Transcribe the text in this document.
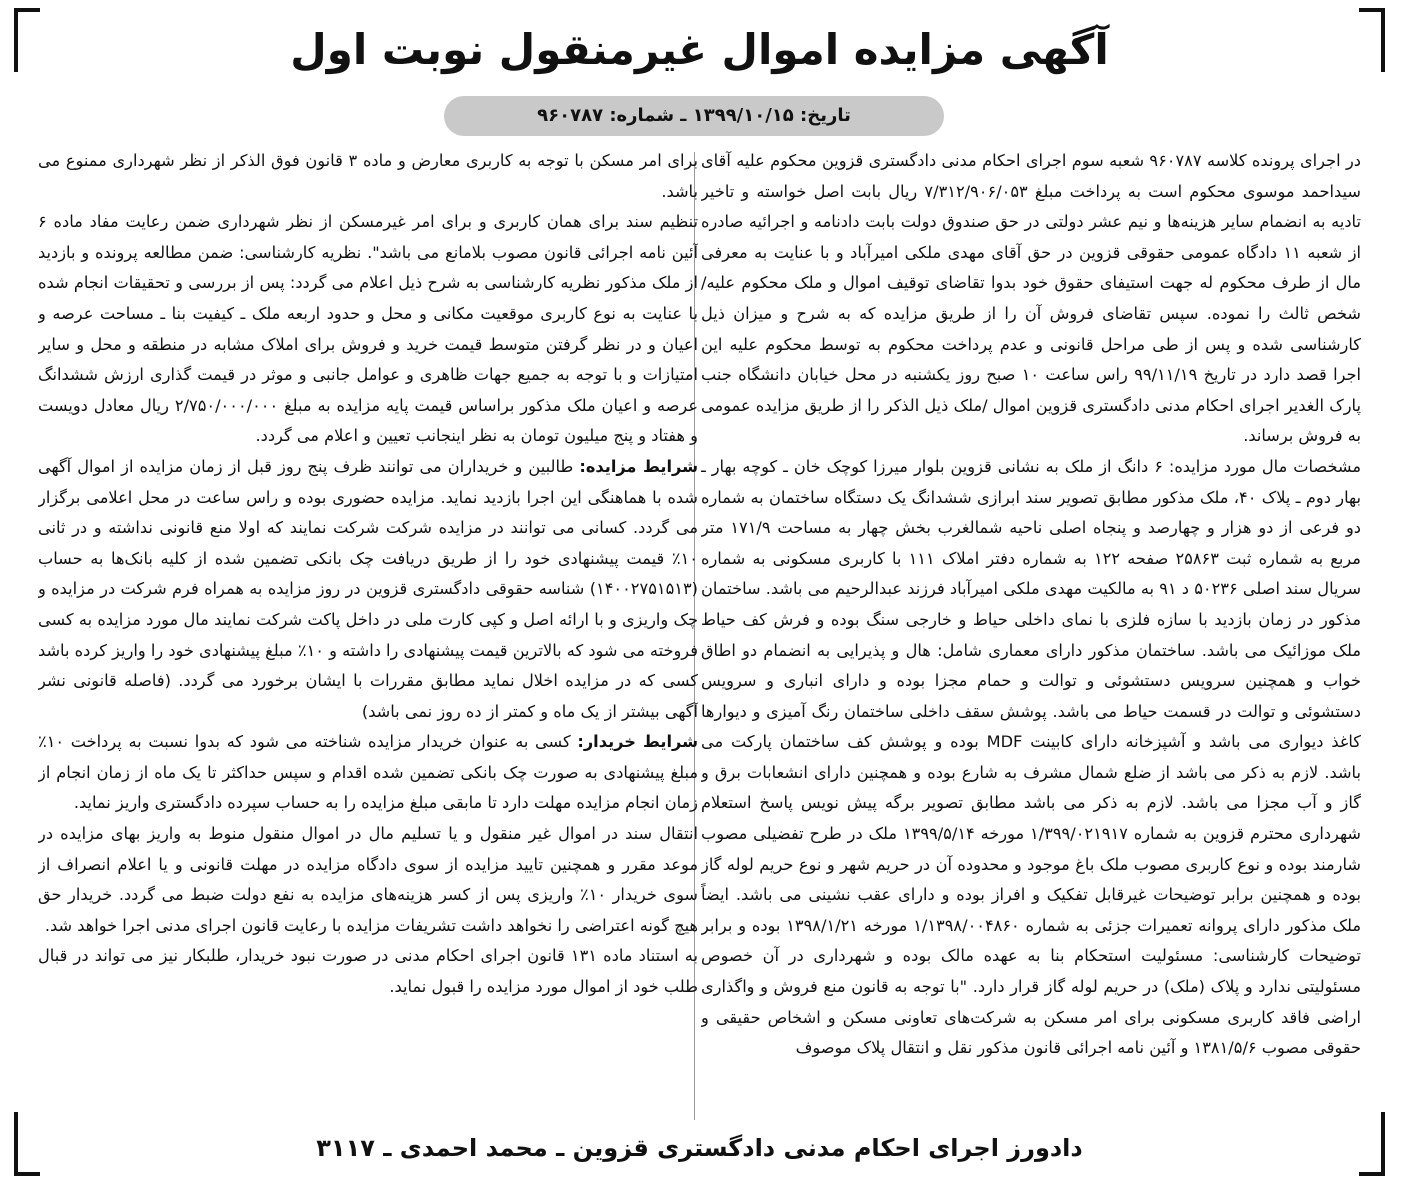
آگهی مزایده اموال غیرمنقول نوبت اول
تاریخ: ۱۳۹۹/۱۰/۱۵ ـ شماره: ۹۶۰۷۸۷

در اجرای پرونده کلاسه ۹۶۰۷۸۷ شعبه سوم اجرای احکام مدنی دادگستری قزوین محکوم علیه آقای سیداحمد موسوی محکوم است به پرداخت مبلغ ۷/۳۱۲/۹۰۶/۰۵۳ ریال بابت اصل خواسته و تاخیر تادیه به انضمام سایر هزینه‌ها و نیم عشر دولتی در حق صندوق دولت بابت دادنامه و اجرائیه صادره از شعبه ۱۱ دادگاه عمومی حقوقی قزوین در حق آقای مهدی ملکی امیرآباد و با عنایت به معرفی مال از طرف محکوم له جهت استیفای حقوق خود بدوا تقاضای توقیف اموال و ملک محکوم علیه/شخص ثالث را نموده. سپس تقاضای فروش آن را از طریق مزایده که به شرح و میزان ذیل کارشناسی شده و پس از طی مراحل قانونی و عدم پرداخت محکوم به توسط محکوم علیه این اجرا قصد دارد در تاریخ ۹۹/۱۱/۱۹ راس ساعت ۱۰ صبح روز یکشنبه در محل خیابان دانشگاه جنب پارک الغدیر اجرای احکام مدنی دادگستری قزوین اموال /ملک ذیل الذکر را از طریق مزایده عمومی به فروش برساند.

مشخصات مال مورد مزایده: ۶ دانگ از ملک به نشانی قزوین بلوار میرزا کوچک خان ـ کوچه بهار ـ بهار دوم ـ پلاک ۴۰، ملک مذکور مطابق تصویر سند ابرازی ششدانگ یک دستگاه ساختمان به شماره دو فرعی از دو هزار و چهارصد و پنجاه اصلی ناحیه شمالغرب بخش چهار به مساحت ۱۷۱/۹ متر مربع به شماره ثبت ۲۵۸۶۳ صفحه ۱۲۲ به شماره دفتر املاک ۱۱۱ با کاربری مسکونی به شماره سریال سند اصلی ۵۰۲۳۶ د ۹۱ به مالکیت مهدی ملکی امیرآباد فرزند عبدالرحیم می باشد. ساختمان مذکور در زمان بازدید با سازه فلزی با نمای داخلی حیاط و خارجی سنگ بوده و فرش کف حیاط ملک موزائیک می باشد. ساختمان مذکور دارای معماری شامل: هال و پذیرایی به انضمام دو اطاق خواب و همچنین سرویس دستشوئی و توالت و حمام مجزا بوده و دارای انباری و سرویس دستشوئی و توالت در قسمت حیاط می باشد. پوشش سقف داخلی ساختمان رنگ آمیزی و دیوارها کاغذ دیواری می باشد و آشپزخانه دارای کابینت MDF بوده و پوشش کف ساختمان پارکت می باشد. لازم به ذکر می باشد از ضلع شمال مشرف به شارع بوده و همچنین دارای انشعابات برق و گاز و آب مجزا می باشد. لازم به ذکر می باشد مطابق تصویر برگه پیش نویس پاسخ استعلام شهرداری محترم قزوین به شماره ۱/۳۹۹/۰۲۱۹۱۷ مورخه ۱۳۹۹/۵/۱۴ ملک در طرح تفضیلی مصوب شارمند بوده و نوع کاربری مصوب ملک باغ موجود و محدوده آن در حریم شهر و نوع حریم لوله گاز بوده و همچنین برابر توضیحات غیرقابل تفکیک و افراز بوده و دارای عقب نشینی می باشد. ایضاً ملک مذکور دارای پروانه تعمیرات جزئی به شماره ۱/۱۳۹۸/۰۰۴۸۶۰ مورخه ۱۳۹۸/۱/۲۱ بوده و برابر توضیحات کارشناسی: مسئولیت استحکام بنا به عهده مالک بوده و شهرداری در آن خصوص مسئولیتی ندارد و پلاک (ملک) در حریم لوله گاز قرار دارد. "با توجه به قانون منع فروش و واگذاری اراضی فاقد کاربری مسکونی برای امر مسکن به شرکت‌های تعاونی مسکن و اشخاص حقیقی و حقوقی مصوب ۱۳۸۱/۵/۶ و آئین نامه اجرائی قانون مذکور نقل و انتقال پلاک موصوف

برای امر مسکن با توجه به کاربری معارض و ماده ۳ قانون فوق الذکر از نظر شهرداری ممنوع می باشد.

تنظیم سند برای همان کاربری و برای امر غیرمسکن از نظر شهرداری ضمن رعایت مفاد ماده ۶ آئین نامه اجرائی قانون مصوب بلامانع می باشد". نظریه کارشناسی: ضمن مطالعه پرونده و بازدید از ملک مذکور نظریه کارشناسی به شرح ذیل اعلام می گردد: پس از بررسی و تحقیقات انجام شده با عنایت به نوع کاربری موقعیت مکانی و محل و حدود اربعه ملک ـ کیفیت بنا ـ مساحت عرصه و اعیان و در نظر گرفتن متوسط قیمت خرید و فروش برای املاک مشابه در منطقه و محل و سایر امتیازات و با توجه به جمیع جهات ظاهری و عوامل جانبی و موثر در قیمت گذاری ارزش ششدانگ عرصه و اعیان ملک مذکور براساس قیمت پایه مزایده به مبلغ ۲/۷۵۰/۰۰۰/۰۰۰ ریال معادل دویست و هفتاد و پنج میلیون تومان به نظر اینجانب تعیین و اعلام می گردد.

شرایط مزایده: طالبین و خریداران می توانند ظرف پنج روز قبل از زمان مزایده از اموال آگهی شده با هماهنگی این اجرا بازدید نماید. مزایده حضوری بوده و راس ساعت در محل اعلامی برگزار می گردد. کسانی می توانند در مزایده شرکت شرکت نمایند که اولا منع قانونی نداشته و در ثانی ۱۰٪ قیمت پیشنهادی خود را از طریق دریافت چک بانکی تضمین شده از کلیه بانک‌ها به حساب (۱۴۰۰۲۷۵۱۵۱۳) شناسه حقوقی دادگستری قزوین در روز مزایده به همراه فرم شرکت در مزایده و چک واریزی و با ارائه اصل و کپی کارت ملی در داخل پاکت شرکت نمایند مال مورد مزایده به کسی فروخته می شود که بالاترین قیمت پیشنهادی را داشته و ۱۰٪ مبلغ پیشنهادی خود را واریز کرده باشد کسی که در مزایده اخلال نماید مطابق مقررات با ایشان برخورد می گردد. (فاصله قانونی نشر آگهی بیشتر از یک ماه و کمتر از ده روز نمی باشد)

شرایط خریدار: کسی به عنوان خریدار مزایده شناخته می شود که بدوا نسبت به پرداخت ۱۰٪ مبلغ پیشنهادی به صورت چک بانکی تضمین شده اقدام و سپس حداکثر تا یک ماه از زمان انجام از زمان انجام مزایده مهلت دارد تا مابقی مبلغ مزایده را به حساب سپرده دادگستری واریز نماید.

انتقال سند در اموال غیر منقول و یا تسلیم مال در اموال منقول منوط به واریز بهای مزایده در موعد مقرر و همچنین تایید مزایده از سوی دادگاه مزایده در مهلت قانونی و یا اعلام انصراف از سوی خریدار ۱۰٪ واریزی پس از کسر هزینه‌های مزایده به نفع دولت ضبط می گردد. خریدار حق هیچ گونه اعتراضی را نخواهد داشت تشریفات مزایده با رعایت قانون اجرای مدنی اجرا خواهد شد.

به استناد ماده ۱۳۱ قانون اجرای احکام مدنی در صورت نبود خریدار، طلبکار نیز می تواند در قبال طلب خود از اموال مورد مزایده را قبول نماید.

دادورز اجرای احکام مدنی دادگستری قزوین ـ محمد احمدی ـ ۳۱۱۷
